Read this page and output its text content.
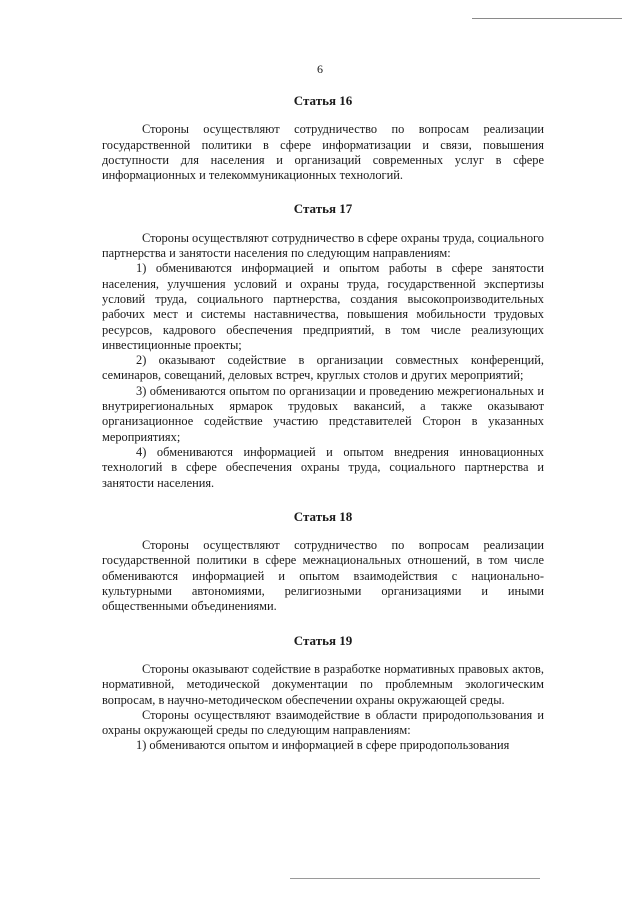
6

Статья 16

Стороны осуществляют сотрудничество по вопросам реализации государственной политики в сфере информатизации и связи, повышения доступности для населения и организаций современных услуг в сфере информационных и телекоммуникационных технологий.

Статья 17

Стороны осуществляют сотрудничество в сфере охраны труда, социального партнерства и занятости населения по следующим направлениям:

1) обмениваются информацией и опытом работы в сфере занятости населения, улучшения условий и охраны труда, государственной экспертизы условий труда, социального партнерства, создания высокопроизводительных рабочих мест и системы наставничества, повышения мобильности трудовых ресурсов, кадрового обеспечения предприятий, в том числе реализующих инвестиционные проекты;

2) оказывают содействие в организации совместных конференций, семинаров, совещаний, деловых встреч, круглых столов и других мероприятий;

3) обмениваются опытом по организации и проведению межрегиональных и внутрирегиональных ярмарок трудовых вакансий, а также оказывают организационное содействие участию представителей Сторон в указанных мероприятиях;

4) обмениваются информацией и опытом внедрения инновационных технологий в сфере обеспечения охраны труда, социального партнерства и занятости населения.

Статья 18

Стороны осуществляют сотрудничество по вопросам реализации государственной политики в сфере межнациональных отношений, в том числе обмениваются информацией и опытом взаимодействия с национально-культурными автономиями, религиозными организациями и иными общественными объединениями.

Статья 19

Стороны оказывают содействие в разработке нормативных правовых актов, нормативной, методической документации по проблемным экологическим вопросам, в научно-методическом обеспечении охраны окружающей среды.

Стороны осуществляют взаимодействие в области природопользования и охраны окружающей среды по следующим направлениям:

1) обмениваются опытом и информацией в сфере природопользования
